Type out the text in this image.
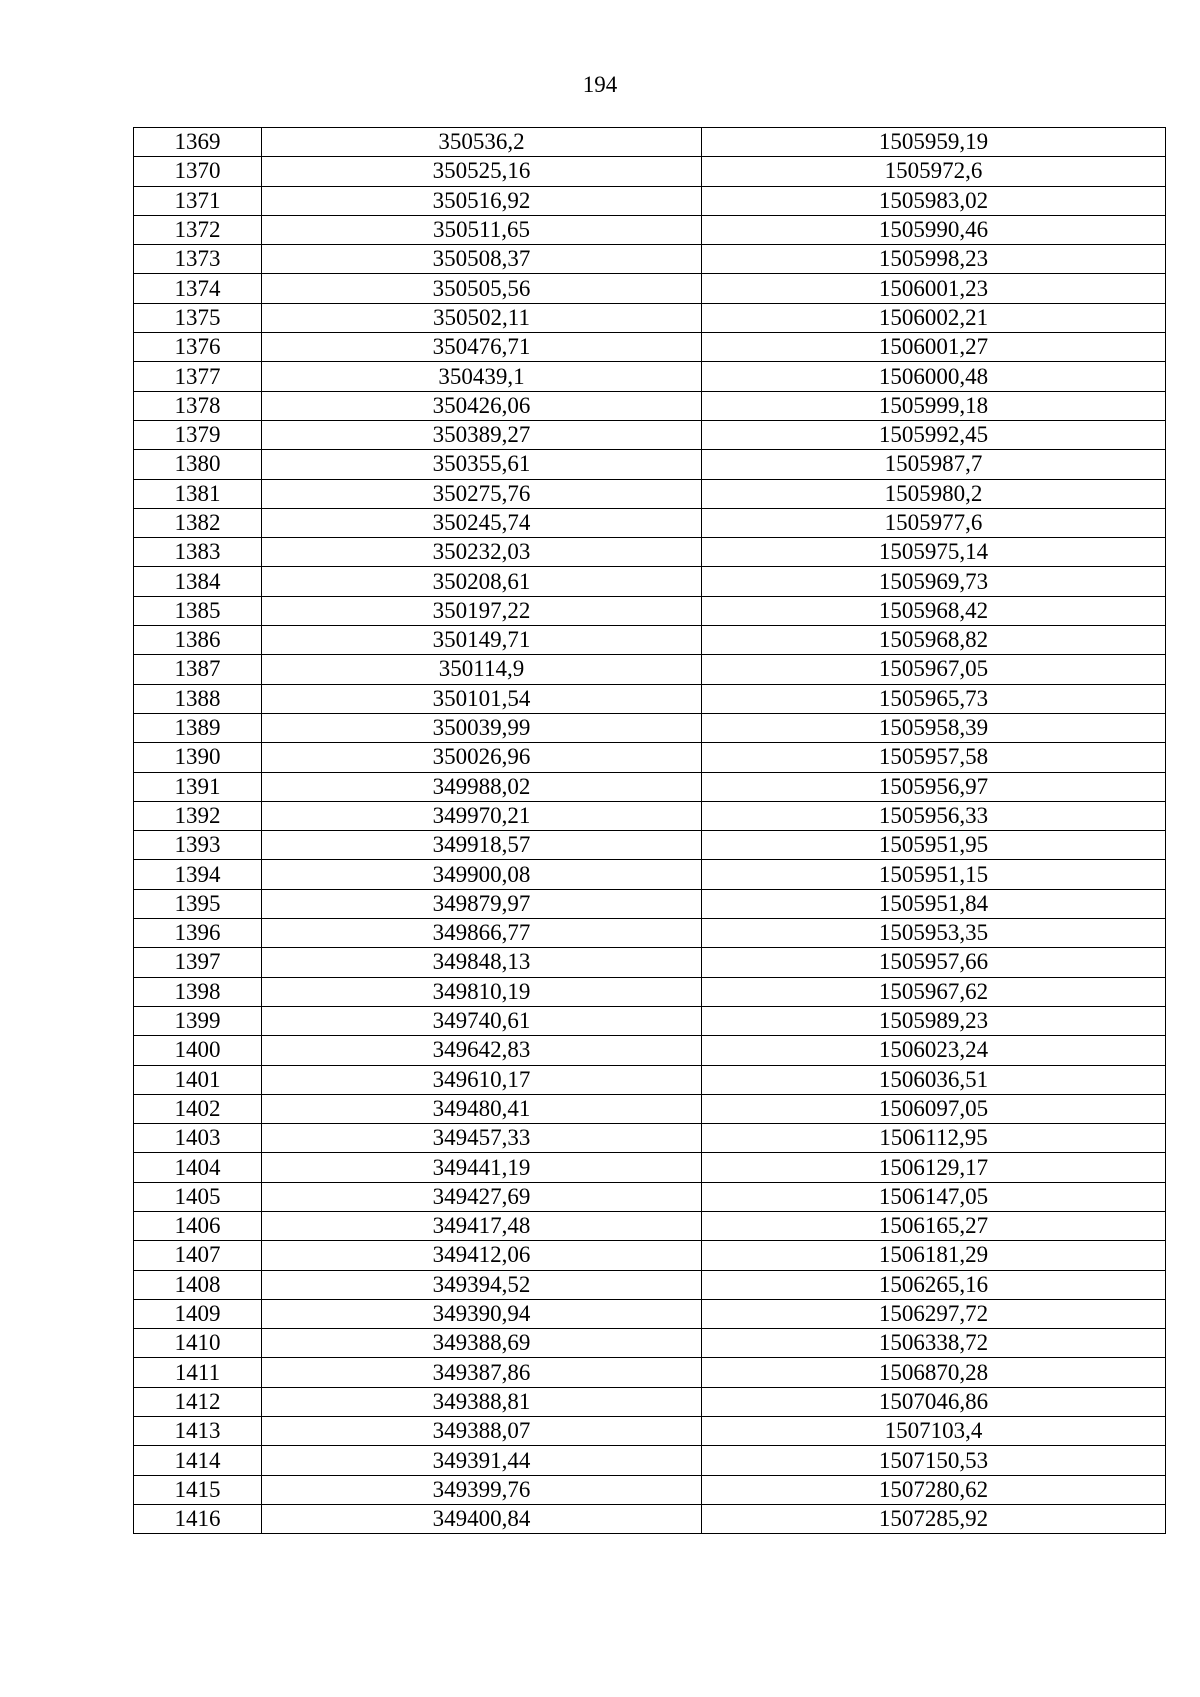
194
1369	350536,2	1505959,19
1370	350525,16	1505972,6
1371	350516,92	1505983,02
1372	350511,65	1505990,46
1373	350508,37	1505998,23
1374	350505,56	1506001,23
1375	350502,11	1506002,21
1376	350476,71	1506001,27
1377	350439,1	1506000,48
1378	350426,06	1505999,18
1379	350389,27	1505992,45
1380	350355,61	1505987,7
1381	350275,76	1505980,2
1382	350245,74	1505977,6
1383	350232,03	1505975,14
1384	350208,61	1505969,73
1385	350197,22	1505968,42
1386	350149,71	1505968,82
1387	350114,9	1505967,05
1388	350101,54	1505965,73
1389	350039,99	1505958,39
1390	350026,96	1505957,58
1391	349988,02	1505956,97
1392	349970,21	1505956,33
1393	349918,57	1505951,95
1394	349900,08	1505951,15
1395	349879,97	1505951,84
1396	349866,77	1505953,35
1397	349848,13	1505957,66
1398	349810,19	1505967,62
1399	349740,61	1505989,23
1400	349642,83	1506023,24
1401	349610,17	1506036,51
1402	349480,41	1506097,05
1403	349457,33	1506112,95
1404	349441,19	1506129,17
1405	349427,69	1506147,05
1406	349417,48	1506165,27
1407	349412,06	1506181,29
1408	349394,52	1506265,16
1409	349390,94	1506297,72
1410	349388,69	1506338,72
1411	349387,86	1506870,28
1412	349388,81	1507046,86
1413	349388,07	1507103,4
1414	349391,44	1507150,53
1415	349399,76	1507280,62
1416	349400,84	1507285,92
